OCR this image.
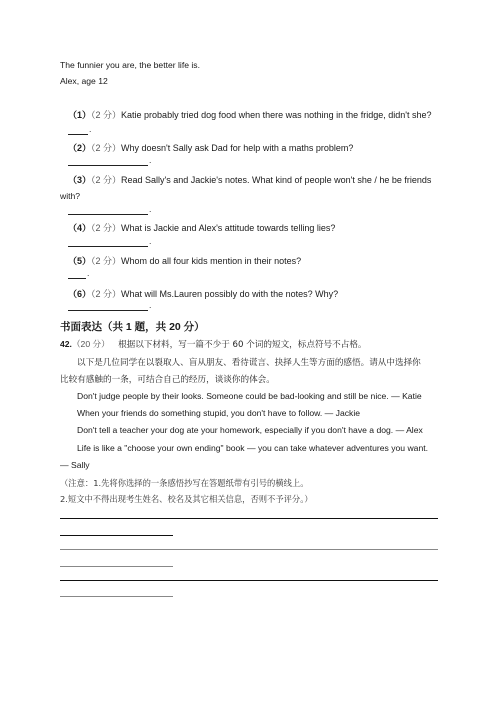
The funnier you are, the better life is.
Alex, age 12
（1）（2 分）Katie probably tried dog food when there was nothing in the fridge, didn't she?
.
（2）（2 分）Why doesn't Sally ask Dad for help with a maths problem?
.
（3）（2 分）Read Sally's and Jackie's notes. What kind of people won't she / he be friends
with?
.
（4）（2 分）What is Jackie and Alex's attitude towards telling lies?
.
（5）（2 分）Whom do all four kids mention in their notes?
.
（6）（2 分）What will Ms.Lauren possibly do with the notes? Why?
.
书面表达（共 1 题，共 20 分）
42.（20 分） 根据以下材料，写一篇不少于 60 个词的短文，标点符号不占格。
以下是几位同学在以裂取人、盲从朋友、看待谎言、抉择人生等方面的感悟。请从中选择你
比较有感触的一条，可结合自己的经历，谈谈你的体会。
Don't judge people by their looks. Someone could be bad-looking and still be nice. — Katie
When your friends do something stupid, you don't have to follow. — Jackie
Don't tell a teacher your dog ate your homework, especially if you don't have a dog. — Alex
Life is like a "choose your own ending" book — you can take whatever adventures you want.
— Sally
（注意：1.先将你选择的一条感悟抄写在答题纸带有引号的横线上。
2.短文中不得出现考生姓名、校名及其它相关信息，否则不予评分。）
